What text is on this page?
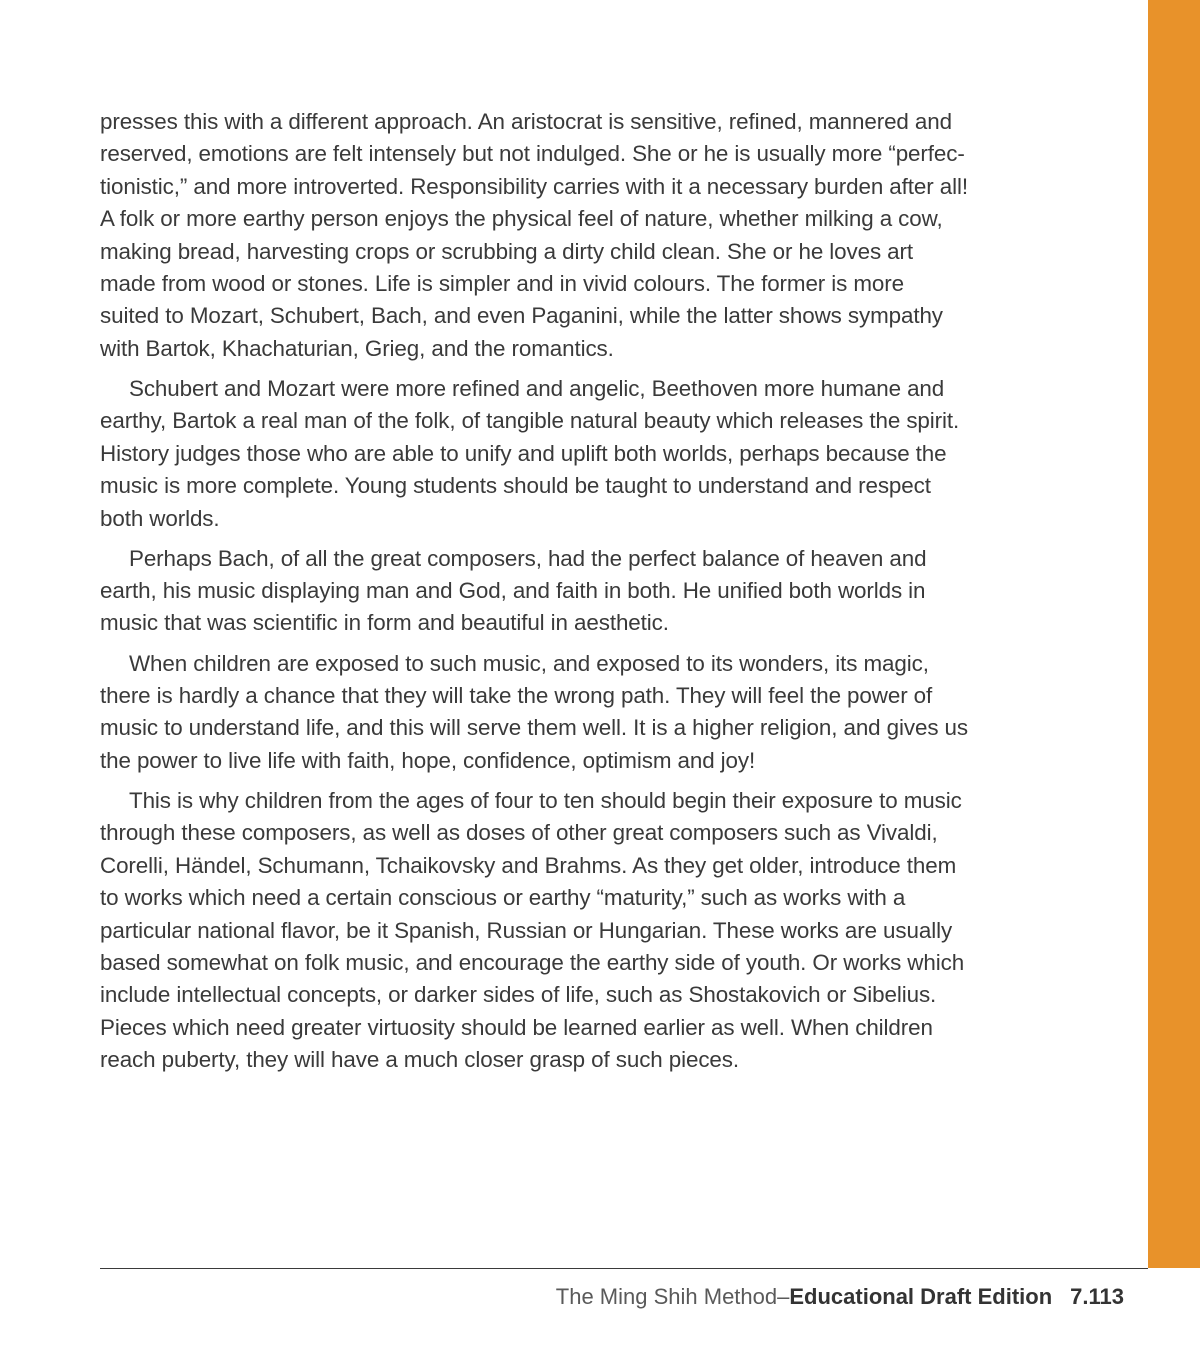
presses this with a different approach. An aristocrat is sensitive, refined, mannered and
reserved, emotions are felt intensely but not indulged. She or he is usually more “perfec-
tionistic,” and more introverted. Responsibility carries with it a necessary burden after all!
A folk or more earthy person enjoys the physical feel of nature, whether milking a cow,
making bread, harvesting crops or scrubbing a dirty child clean. She or he loves art
made from wood or stones. Life is simpler and in vivid colours. The former is more
suited to Mozart, Schubert, Bach, and even Paganini, while the latter shows sympathy
with Bartok, Khachaturian, Grieg, and the romantics.

Schubert and Mozart were more refined and angelic, Beethoven more humane and
earthy, Bartok a real man of the folk, of tangible natural beauty which releases the spirit.
History judges those who are able to unify and uplift both worlds, perhaps because the
music is more complete. Young students should be taught to understand and respect
both worlds.

Perhaps Bach, of all the great composers, had the perfect balance of heaven and
earth, his music displaying man and God, and faith in both. He unified both worlds in
music that was scientific in form and beautiful in aesthetic.

When children are exposed to such music, and exposed to its wonders, its magic,
there is hardly a chance that they will take the wrong path. They will feel the power of
music to understand life, and this will serve them well. It is a higher religion, and gives us
the power to live life with faith, hope, confidence, optimism and joy!

This is why children from the ages of four to ten should begin their exposure to music
through these composers, as well as doses of other great composers such as Vivaldi,
Corelli, Händel, Schumann, Tchaikovsky and Brahms. As they get older, introduce them
to works which need a certain conscious or earthy “maturity,” such as works with a
particular national flavor, be it Spanish, Russian or Hungarian. These works are usually
based somewhat on folk music, and encourage the earthy side of youth. Or works which
include intellectual concepts, or darker sides of life, such as Shostakovich or Sibelius.
Pieces which need greater virtuosity should be learned earlier as well. When children
reach puberty, they will have a much closer grasp of such pieces.

The Ming Shih Method–Educational Draft Edition 7.113
